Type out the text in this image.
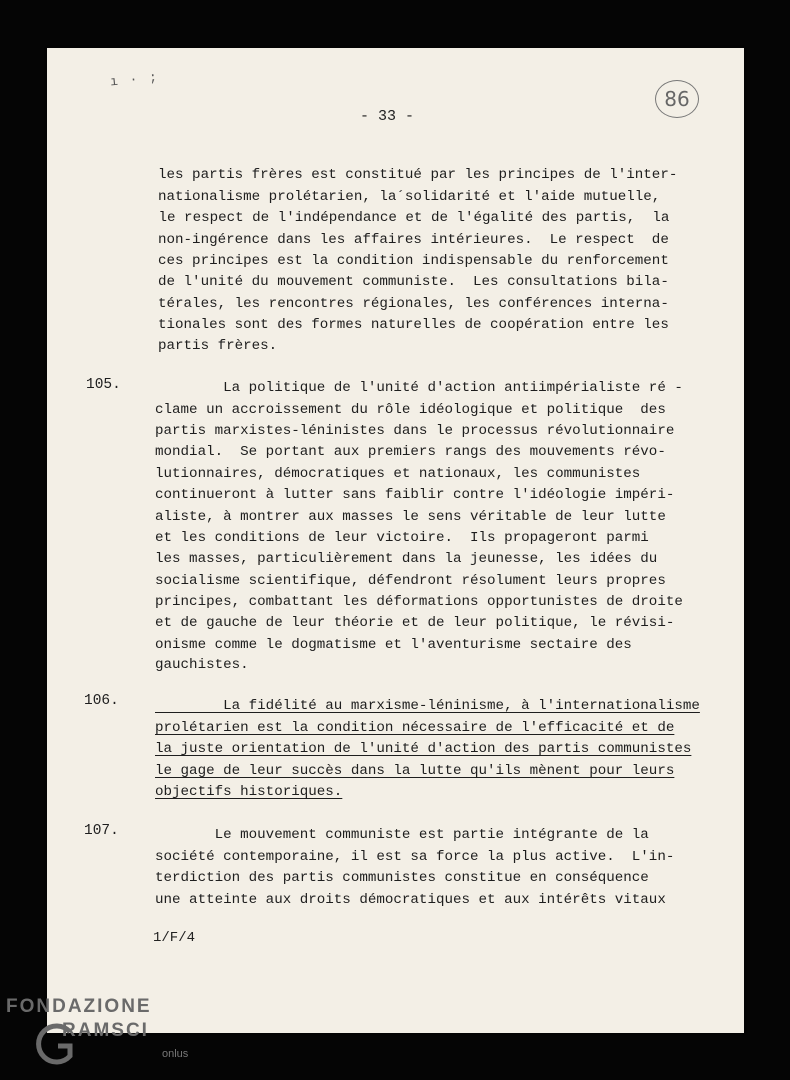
ı · ;
86
- 33 -
les partis frères est constitué par les principes de l'inter-
nationalisme prolétarien, la´solidarité et l'aide mutuelle,
le respect de l'indépendance et de l'égalité des partis,  la
non-ingérence dans les affaires intérieures.  Le respect  de
ces principes est la condition indispensable du renforcement
de l'unité du mouvement communiste.  Les consultations bila-
térales, les rencontres régionales, les conférences interna-
tionales sont des formes naturelles de coopération entre les
partis frères.
105. La politique de l'unité d'action antiimpérialiste ré -
clame un accroissement du rôle idéologique et politique  des
partis marxistes-léninistes dans le processus révolutionnaire
mondial.  Se portant aux premiers rangs des mouvements révo-
lutionnaires, démocratiques et nationaux, les communistes
continueront à lutter sans faiblir contre l'idéologie impéri-
aliste, à montrer aux masses le sens véritable de leur lutte
et les conditions de leur victoire.  Ils propageront parmi
les masses, particulièrement dans la jeunesse, les idées du
socialisme scientifique, défendront résolument leurs propres
principes, combattant les déformations opportunistes de droite
et de gauche de leur théorie et de leur politique, le révisi-
onisme comme le dogmatisme et l'aventurisme sectaire des
gauchistes.
106.	La fidélité au marxisme-léninisme, à l'internationalisme
prolétarien est la condition nécessaire de l'efficacité et de
la juste orientation de l'unité d'action des partis communistes
le gage de leur succès dans la lutte qu'ils mènent pour leurs
objectifs historiques.
107.	Le mouvement communiste est partie intégrante de la
société contemporaine, il est sa force la plus active.  L'in-
terdiction des partis communistes constitue en conséquence
une atteinte aux droits démocratiques et aux intérêts vitaux
1/F/4
FONDAZIONE
RAMSCI
onlus
